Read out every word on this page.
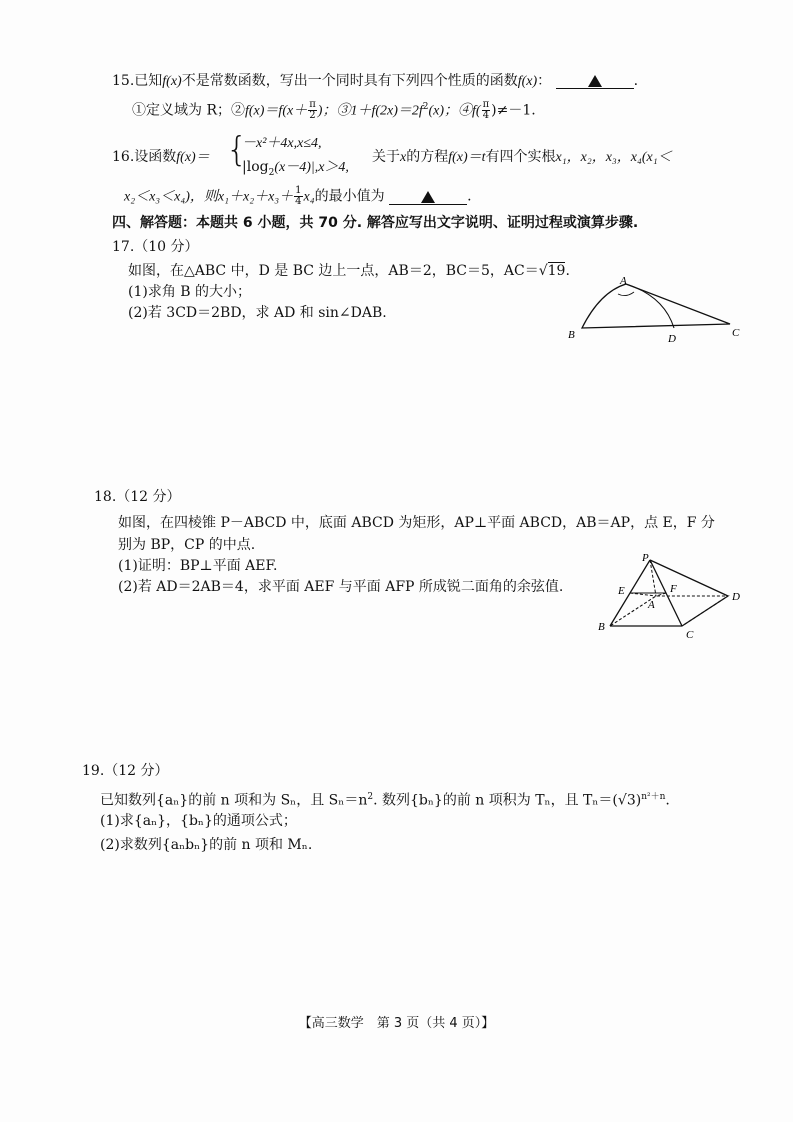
15.已知f(x)不是常数函数，写出一个同时具有下列四个性质的函数f(x)：	.
①定义域为 R；②f(x)＝f(x＋ $\frac{\pi}{2}$ )；$③1+f(2x)=2f^2(x)$；④f( $\frac{\pi}{4} )\ne-1$.
16.设函数f(x)＝ {
－x²＋4x,x≤4,
$|\log_2(x-4)|,x>4$,
关于x的方程f(x)＝t有四个实根x₁，x₂，x₃，x₄(x₁＜
x₂＜x₃＜x₄)，则$x_1+x_2+x_3+ \frac{1}{4} x_4$的最小值为	.
四、解答题：本题共 6 小题，共 70 分. 解答应写出文字说明、证明过程或演算步骤.
17.（10 分）
如图，在△ABC 中，D 是 BC 边上一点，AB＝2，BC＝5，AC＝√19.
(1)求角 B 的大小；
(2)若 3CD＝2BD，求 AD 和 sin∠DAB.
A
B	D	C
18.（12 分）
如图，在四棱锥 P－ABCD 中，底面 ABCD 为矩形，AP⊥平面 ABCD，AB＝AP，点 E，F 分
别为 BP，CP 的中点.
(1)证明：BP⊥平面 AEF.
(2)若 AD＝2AB＝4，求平面 AEF 与平面 AFP 所成锐二面角的余弦值.
P
E	F
A
B
C
D
19.（12 分）
已知数列{aₙ}的前 n 项和为 Sₙ，且 $S_n=n^2$. 数列{bₙ}的前 n 项积为 Tₙ，且 $T_n=(√3)^{n^2+n}$.
(1)求{aₙ}，{bₙ}的通项公式；
(2)求数列{aₙbₙ}的前 n 项和 Mₙ.
【高三数学　第 3 页（共 4 页）】
